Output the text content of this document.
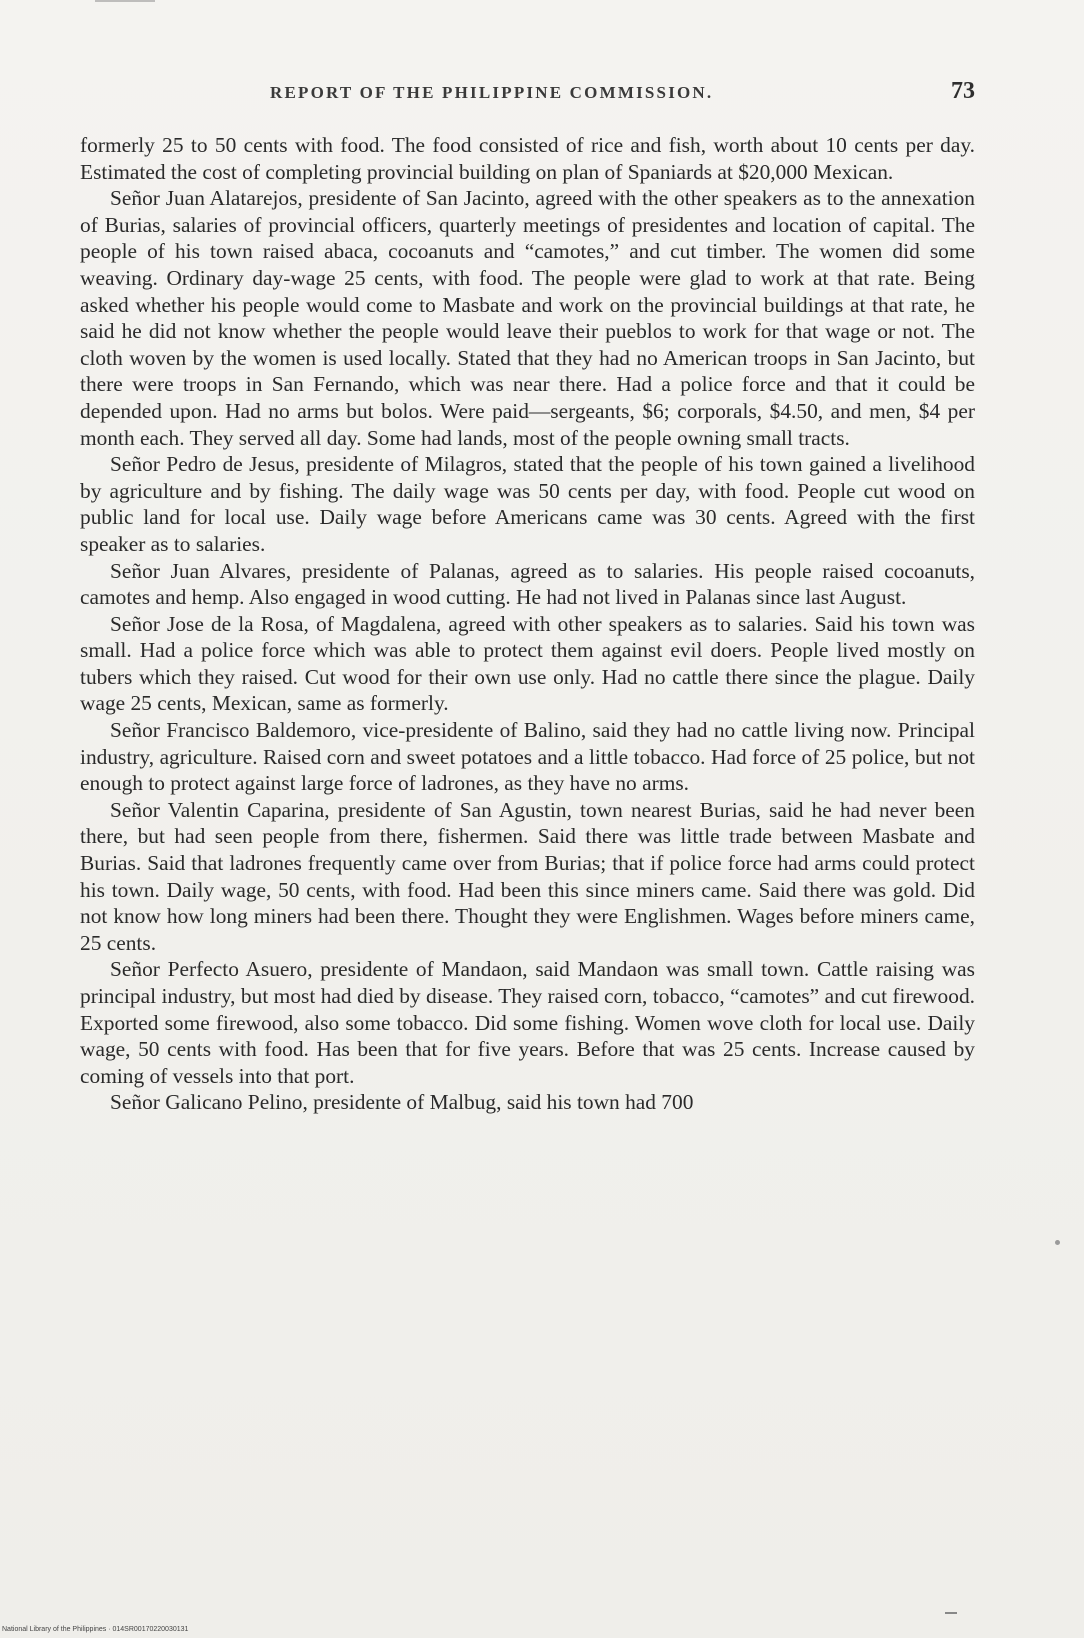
REPORT OF THE PHILIPPINE COMMISSION.	73

formerly 25 to 50 cents with food. The food consisted of rice and fish, worth about 10 cents per day. Estimated the cost of completing provincial building on plan of Spaniards at $20,000 Mexican.

Señor Juan Alatarejos, presidente of San Jacinto, agreed with the other speakers as to the annexation of Burias, salaries of provincial officers, quarterly meetings of presidentes and location of capital. The people of his town raised abaca, cocoanuts and “camotes,” and cut timber. The women did some weaving. Ordinary day-wage 25 cents, with food. The people were glad to work at that rate. Being asked whether his people would come to Masbate and work on the provincial buildings at that rate, he said he did not know whether the people would leave their pueblos to work for that wage or not. The cloth woven by the women is used locally. Stated that they had no American troops in San Jacinto, but there were troops in San Fernando, which was near there. Had a police force and that it could be depended upon. Had no arms but bolos. Were paid—sergeants, $6; corporals, $4.50, and men, $4 per month each. They served all day. Some had lands, most of the people owning small tracts.

Señor Pedro de Jesus, presidente of Milagros, stated that the people of his town gained a livelihood by agriculture and by fishing. The daily wage was 50 cents per day, with food. People cut wood on public land for local use. Daily wage before Americans came was 30 cents. Agreed with the first speaker as to salaries.

Señor Juan Alvares, presidente of Palanas, agreed as to salaries. His people raised cocoanuts, camotes and hemp. Also engaged in wood cutting. He had not lived in Palanas since last August.

Señor Jose de la Rosa, of Magdalena, agreed with other speakers as to salaries. Said his town was small. Had a police force which was able to protect them against evil doers. People lived mostly on tubers which they raised. Cut wood for their own use only. Had no cattle there since the plague. Daily wage 25 cents, Mexican, same as formerly.

Señor Francisco Baldemoro, vice-presidente of Balino, said they had no cattle living now. Principal industry, agriculture. Raised corn and sweet potatoes and a little tobacco. Had force of 25 police, but not enough to protect against large force of ladrones, as they have no arms.

Señor Valentin Caparina, presidente of San Agustin, town nearest Burias, said he had never been there, but had seen people from there, fishermen. Said there was little trade between Masbate and Burias. Said that ladrones frequently came over from Burias; that if police force had arms could protect his town. Daily wage, 50 cents, with food. Had been this since miners came. Said there was gold. Did not know how long miners had been there. Thought they were Englishmen. Wages before miners came, 25 cents.

Señor Perfecto Asuero, presidente of Mandaon, said Mandaon was small town. Cattle raising was principal industry, but most had died by disease. They raised corn, tobacco, “camotes” and cut firewood. Exported some firewood, also some tobacco. Did some fishing. Women wove cloth for local use. Daily wage, 50 cents with food. Has been that for five years. Before that was 25 cents. Increase caused by coming of vessels into that port.

Señor Galicano Pelino, presidente of Malbug, said his town had 700

National Library of the Philippines · 014SR00170220030131
